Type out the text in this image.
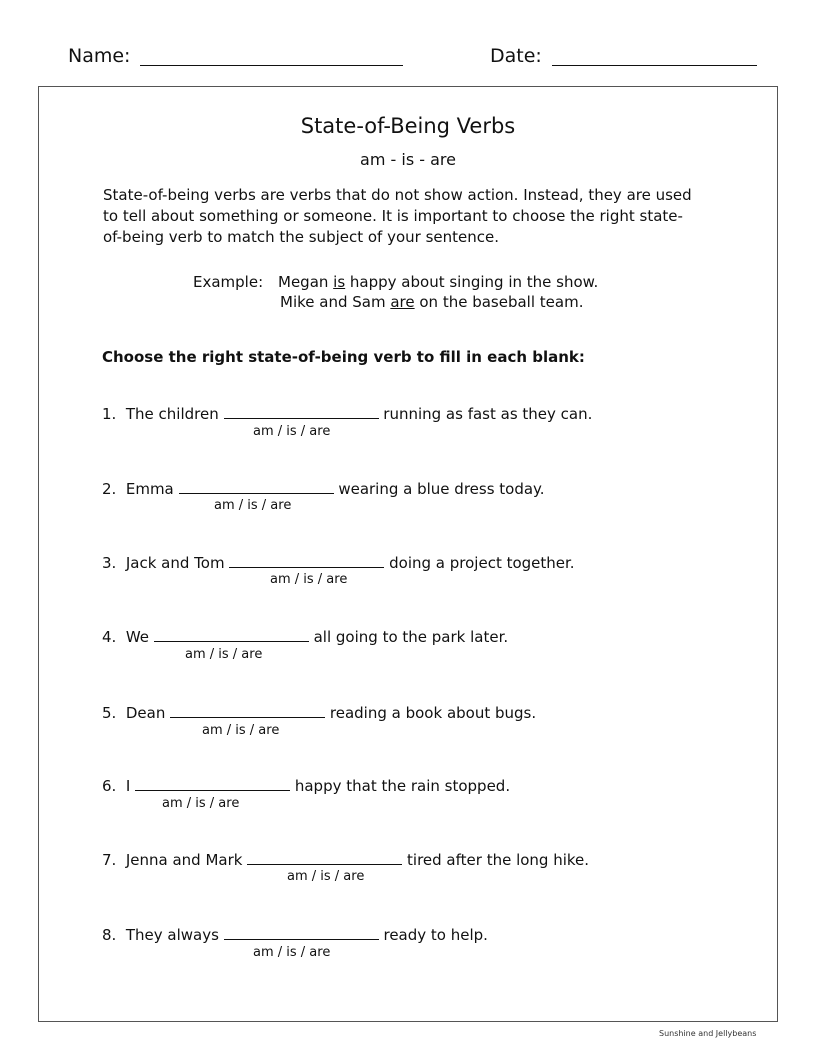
Name:	Date:
State-of-Being Verbs
am - is - are
State-of-being verbs are verbs that do not show action. Instead, they are used
to tell about something or someone. It is important to choose the right state-
of-being verb to match the subject of your sentence.
Example: Megan is happy about singing in the show.
Mike and Sam are on the baseball team.
Choose the right state-of-being verb to fill in each blank:
1. The children	running as fast as they can.
am / is / are
2. Emma	wearing a blue dress today.
am / is / are
3. Jack and Tom	doing a project together.
am / is / are
4. We	all going to the park later.
am / is / are
5. Dean	reading a book about bugs.
am / is / are
6. I	happy that the rain stopped.
am / is / are
7. Jenna and Mark	tired after the long hike.
am / is / are
8. They always	ready to help.
am / is / are
Sunshine and Jellybeans
